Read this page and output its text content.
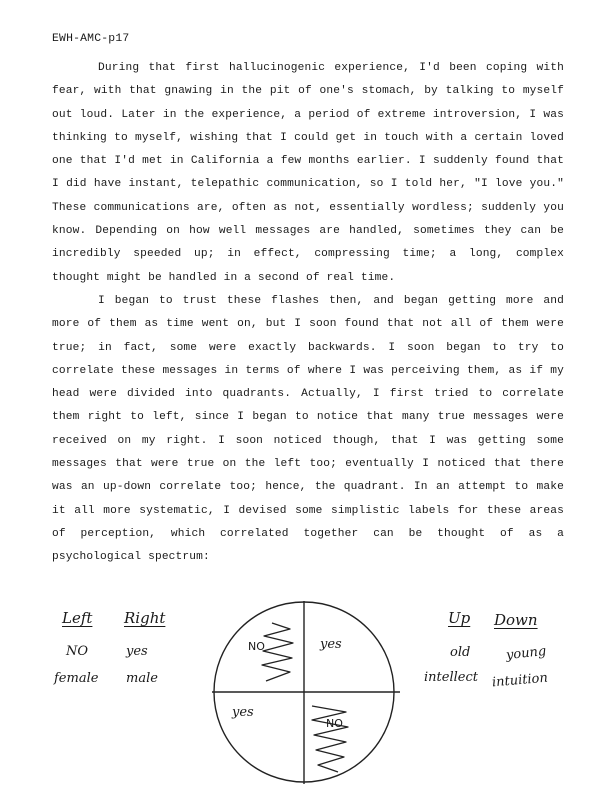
EWH-AMC-p17

During that first hallucinogenic experience, I'd been coping with fear, with that gnawing in the pit of one's stomach, by talking to myself out loud. Later in the experience, a period of extreme introversion, I was thinking to myself, wishing that I could get in touch with a certain loved one that I'd met in California a few months earlier. I suddenly found that I did have instant, telepathic communication, so I told her, "I love you." These communications are, often as not, essentially wordless; suddenly you know. Depending on how well messages are handled, sometimes they can be incredibly speeded up; in effect, compressing time; a long, complex thought might be handled in a second of real time.

I began to trust these flashes then, and began getting more and more of them as time went on, but I soon found that not all of them were true; in fact, some were exactly backwards. I soon began to try to correlate these messages in terms of where I was perceiving them, as if my head were divided into quadrants. Actually, I first tried to correlate them right to left, since I began to notice that many true messages were received on my right. I soon noticed though, that I was getting some messages that were true on the left too; eventually I noticed that there was an up-down correlate too; hence, the quadrant. In an attempt to make it all more systematic, I devised some simplistic labels for these areas of perception, which correlated together can be thought of as a psychological spectrum:

Left
NO
female
Right
yes
male
Up
old
intellect
Down
young
intuition
NO	yes
yes
NO
